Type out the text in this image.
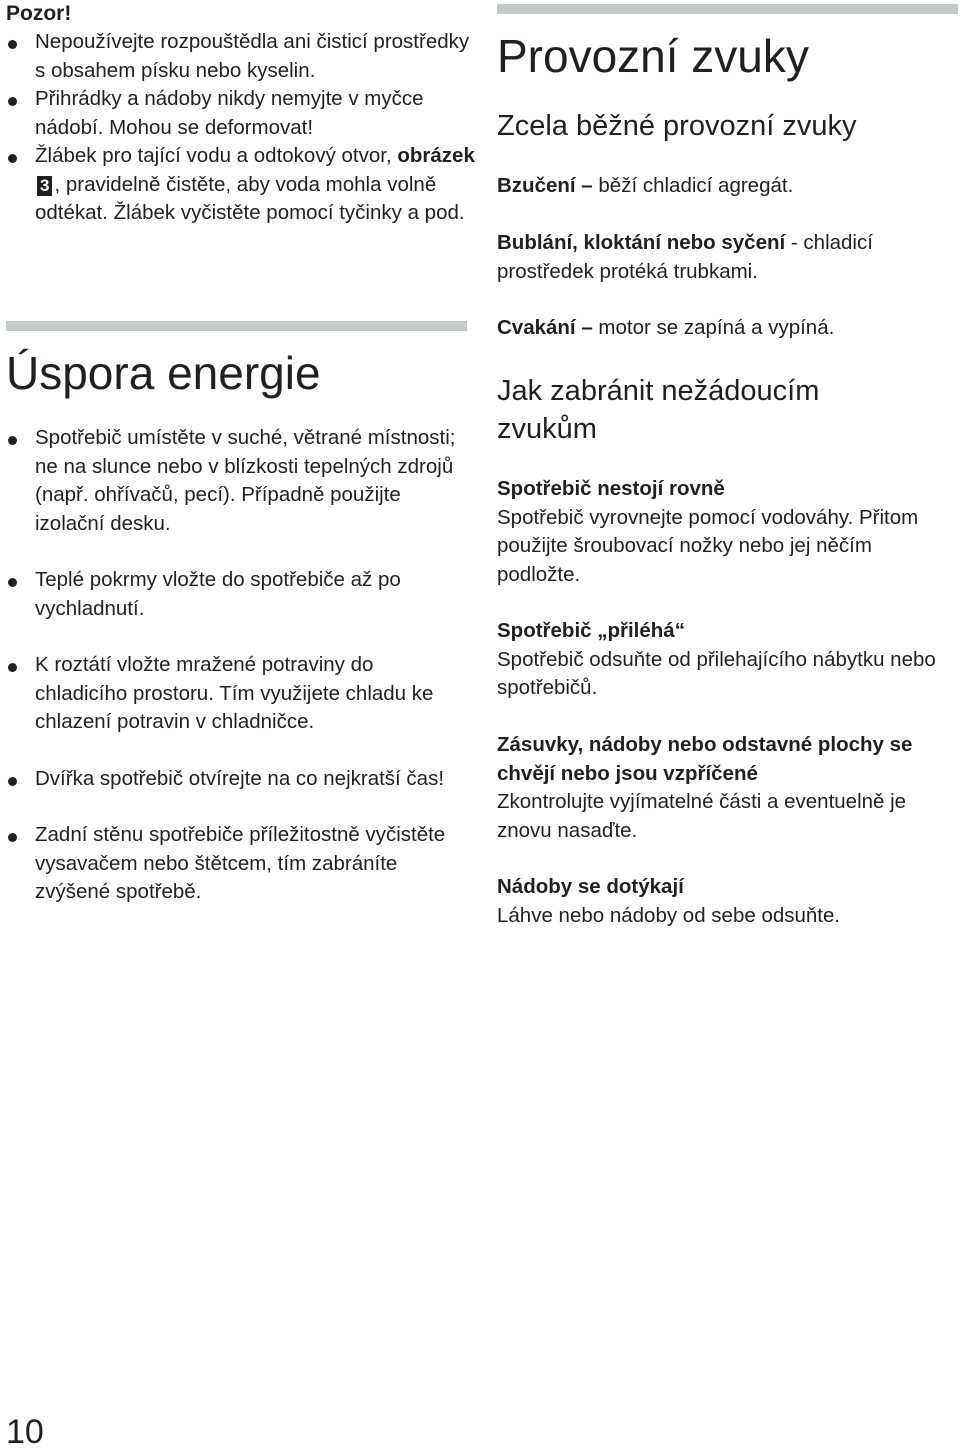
Pozor!
Nepoužívejte rozpouštědla ani čisticí prostředky s obsahem písku nebo kyselin.
Přihrádky a nádoby nikdy nemyjte v myčce nádobí. Mohou se deformovat!
Žlábek pro tající vodu a odtokový otvor, obrázek 3 , pravidelně čistěte, aby voda mohla volně odtékat. Žlábek vyčistěte pomocí tyčinky a pod.
Úspora energie
Spotřebič umístěte v suché, větrané místnosti; ne na slunce nebo v blízkosti tepelných zdrojů (např. ohřívačů, pecí). Případně použijte izolační desku.
Teplé pokrmy vložte do spotřebiče až po vychladnutí.
K roztátí vložte mražené potraviny do chladicího prostoru. Tím využijete chladu ke chlazení potravin v chladničce.
Dvířka spotřebič otvírejte na co nejkratší čas!
Zadní stěnu spotřebiče příležitostně vyčistěte vysavačem nebo štětcem, tím zabráníte zvýšené spotřebě.
Provozní zvuky
Zcela běžné provozní zvuky

Bzučení – běží chladicí agregát.

Bublání, kloktání nebo syčení - chladicí prostředek protéká trubkami.

Cvakání – motor se zapíná a vypíná.

Jak zabránit nežádoucím zvukům

Spotřebič nestojí rovně
Spotřebič vyrovnejte pomocí vodováhy. Přitom použijte šroubovací nožky nebo jej něčím podložte.

Spotřebič „přiléhá“
Spotřebič odsuňte od přilehajícího nábytku nebo spotřebičů.

Zásuvky, nádoby nebo odstavné plochy se chvějí nebo jsou vzpříčené
Zkontrolujte vyjímatelné části a eventuelně je znovu nasaďte.

Nádoby se dotýkají
Láhve nebo nádoby od sebe odsuňte.

10
